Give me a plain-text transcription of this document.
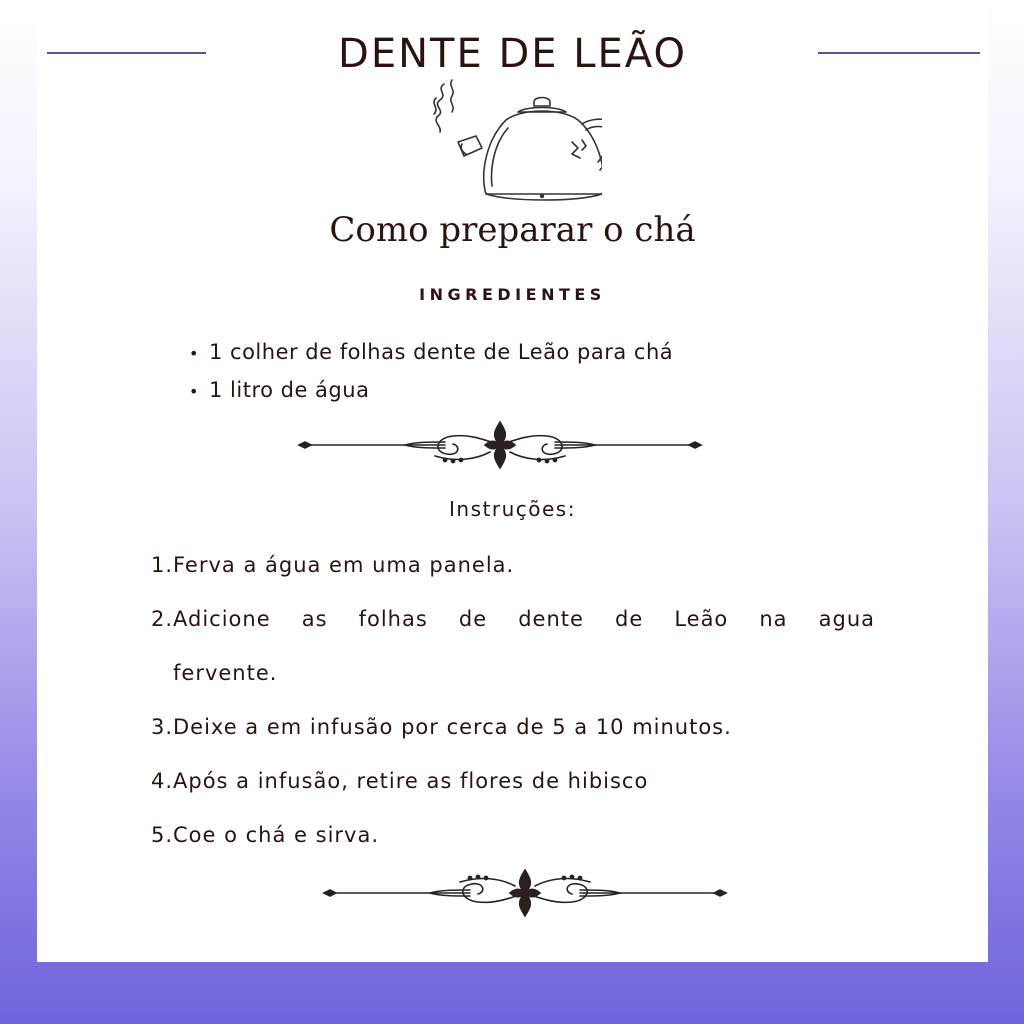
DENTE DE LEÃO
Como preparar o chá
INGREDIENTES
• 1 colher de folhas dente de Leão para chá
• 1 litro de água
Instruções:
1. Ferva a água em uma panela.
2. Adicione as folhas de dente de Leão na agua fervente.
3. Deixe a em infusão por cerca de 5 a 10 minutos.
4. Após a infusão, retire as flores de hibisco
5. Coe o chá e sirva.
